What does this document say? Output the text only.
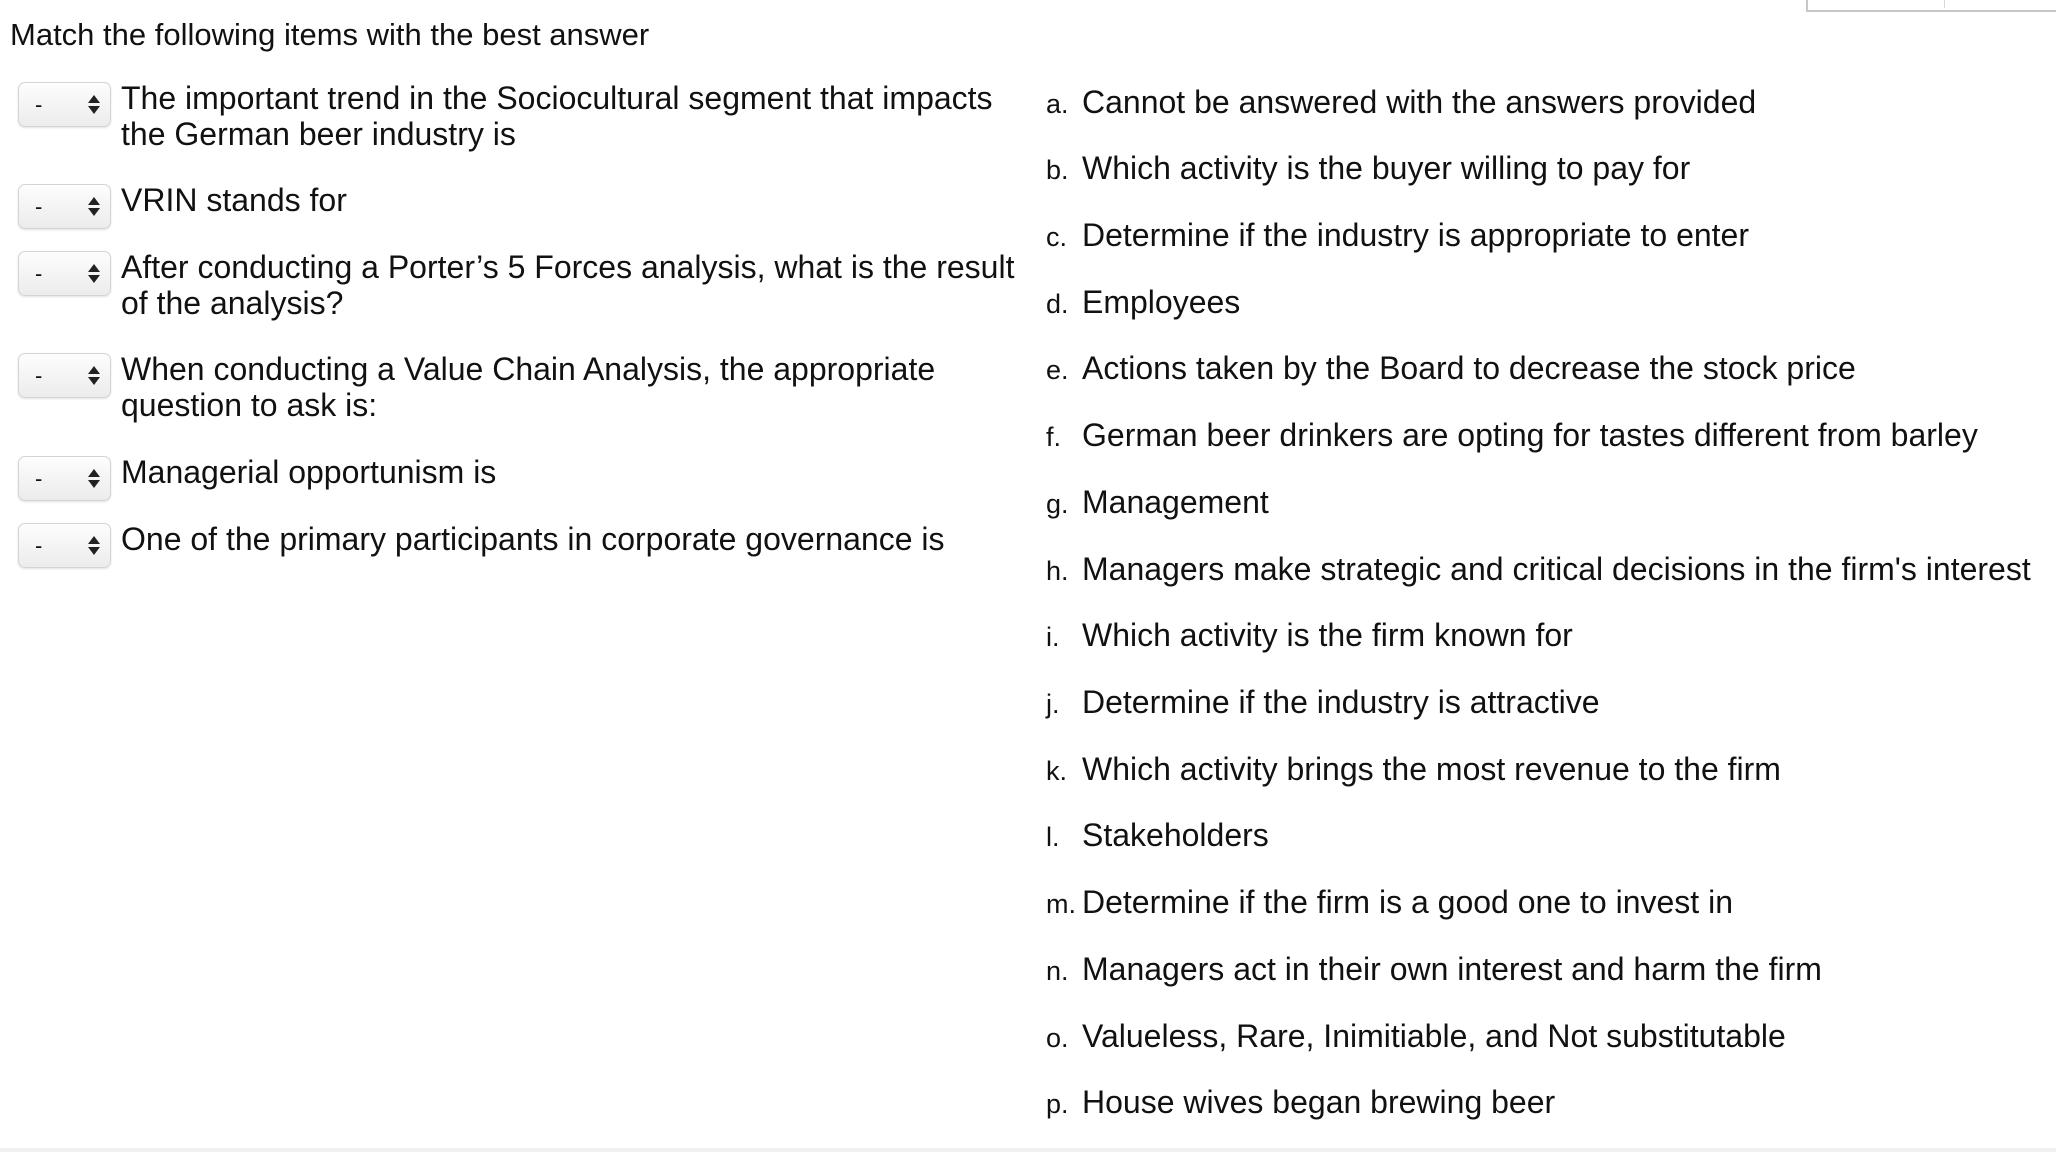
Match the following items with the best answer
- The important trend in the Sociocultural segment that impacts the German beer industry is
- VRIN stands for
- After conducting a Porter’s 5 Forces analysis, what is the result of the analysis?
- When conducting a Value Chain Analysis, the appropriate question to ask is:
- Managerial opportunism is
- One of the primary participants in corporate governance is
a. Cannot be answered with the answers provided
b. Which activity is the buyer willing to pay for
c. Determine if the industry is appropriate to enter
d. Employees
e. Actions taken by the Board to decrease the stock price
f. German beer drinkers are opting for tastes different from barley
g. Management
h. Managers make strategic and critical decisions in the firm's interest
i. Which activity is the firm known for
j. Determine if the industry is attractive
k. Which activity brings the most revenue to the firm
l. Stakeholders
m. Determine if the firm is a good one to invest in
n. Managers act in their own interest and harm the firm
o. Valueless, Rare, Inimitiable, and Not substitutable
p. House wives began brewing beer
